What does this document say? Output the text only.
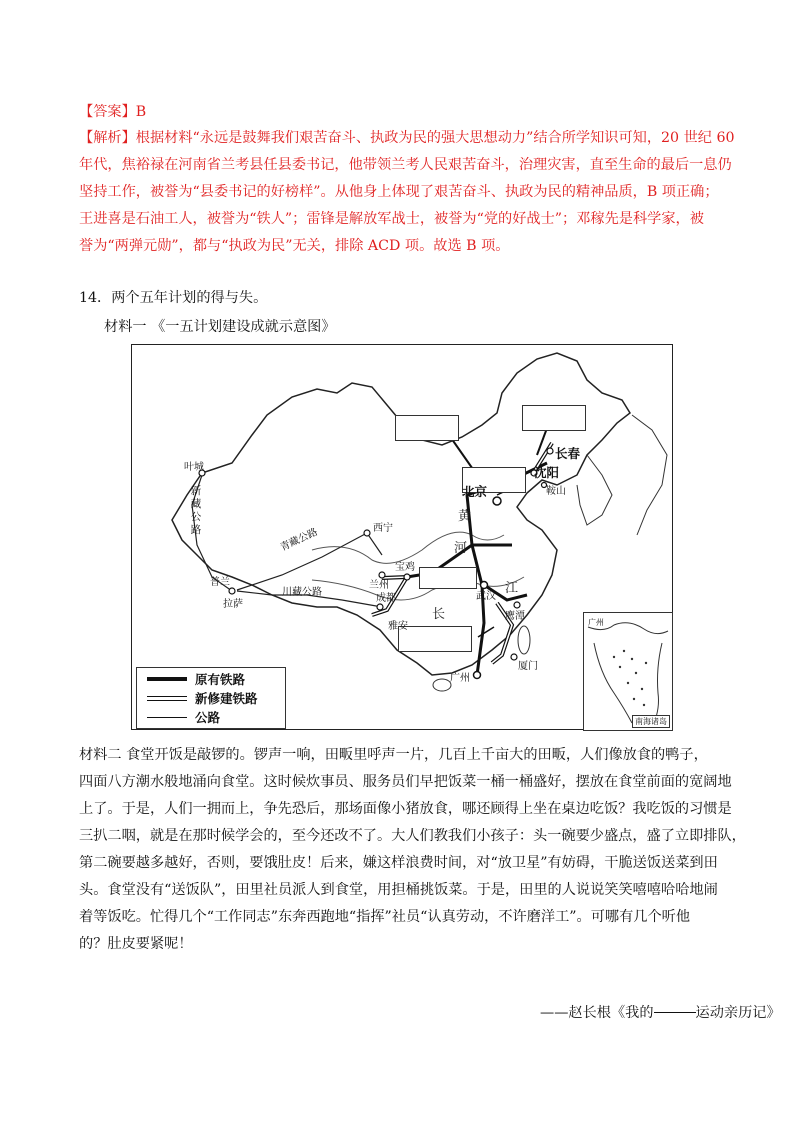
【答案】B
【解析】根据材料“永远是鼓舞我们艰苦奋斗、执政为民的强大思想动力”结合所学知识可知，20 世纪 60
年代，焦裕禄在河南省兰考县任县委书记，他带领兰考人民艰苦奋斗，治理灾害，直至生命的最后一息仍
坚持工作，被誉为“县委书记的好榜样”。从他身上体现了艰苦奋斗、执政为民的精神品质，B 项正确；
王进喜是石油工人，被誉为“铁人”；雷锋是解放军战士，被誉为“党的好战士”；邓稼先是科学家，被
誉为“两弹元勋”，都与“执政为民”无关，排除 ACD 项。故选 B 项。
14．两个五年计划的得与失。
材料一 《一五计划建设成就示意图》
叶城
西宁
兰州
宝鸡
拉萨
成都
雅安
北京
沈阳
长春
鞍山
武汉
鹰潭
厦门
广州
新
藏
公
路
普兰
青藏公路
川藏公路
黄
河
长
江
原有铁路
新修建铁路
公路
广州
南海诸岛
材料二 食堂开饭是敲锣的。锣声一响，田畈里呼声一片，几百上千亩大的田畈，人们像放食的鸭子，
四面八方潮水般地涌向食堂。这时候炊事员、服务员们早把饭菜一桶一桶盛好，摆放在食堂前面的宽阔地
上了。于是，人们一拥而上，争先恐后，那场面像小猪放食，哪还顾得上坐在桌边吃饭？我吃饭的习惯是
三扒二咽，就是在那时候学会的，至今还改不了。大人们教我们小孩子：头一碗要少盛点，盛了立即排队，
第二碗要越多越好，否则，要饿肚皮！后来，嫌这样浪费时间，对“放卫星”有妨碍，干脆送饭送菜到田
头。食堂没有“送饭队”，田里社员派人到食堂，用担桶挑饭菜。于是，田里的人说说笑笑嘻嘻哈哈地闹
着等饭吃。忙得几个“工作同志”东奔西跑地“指挥”社员“认真劳动，不许磨洋工”。可哪有几个听他
的？肚皮要紧呢！
——赵长根《我的	运动亲历记》
